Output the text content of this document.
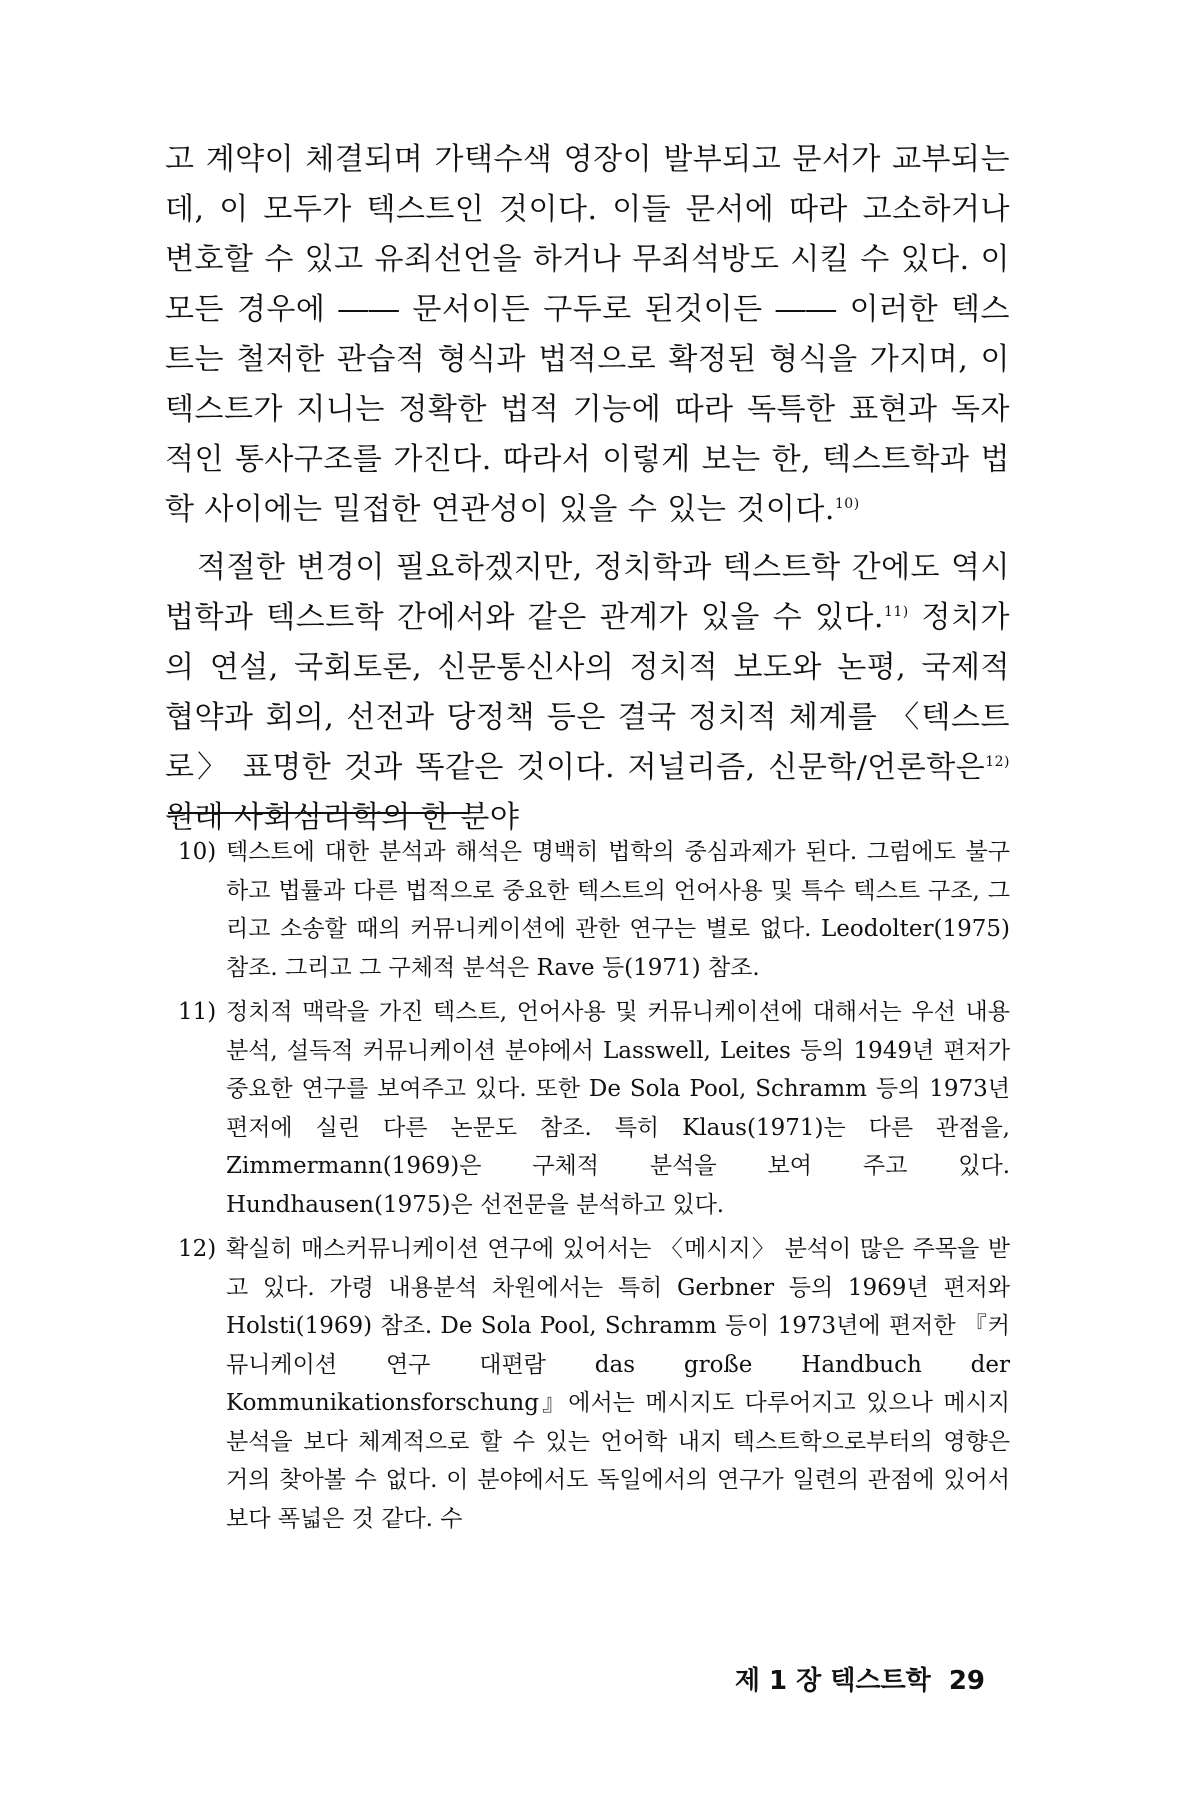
고 계약이 체결되며 가택수색 영장이 발부되고 문서가 교부되는데, 이 모두가 텍스트인 것이다. 이들 문서에 따라 고소하거나 변호할 수 있고 유죄선언을 하거나 무죄석방도 시킬 수 있다. 이 모든 경우에 ―― 문서이든 구두로 된것이든 ―― 이러한 텍스트는 철저한 관습적 형식과 법적으로 확정된 형식을 가지며, 이 텍스트가 지니는 정확한 법적 기능에 따라 독특한 표현과 독자적인 통사구조를 가진다. 따라서 이렇게 보는 한, 텍스트학과 법학 사이에는 밀접한 연관성이 있을 수 있는 것이다.$^{10)}$

적절한 변경이 필요하겠지만, 정치학과 텍스트학 간에도 역시 법학과 텍스트학 간에서와 같은 관계가 있을 수 있다.$^{11)}$ 정치가의 연설, 국회토론, 신문통신사의 정치적 보도와 논평, 국제적 협약과 회의, 선전과 당정책 등은 결국 정치적 체계를 〈텍스트로〉 표명한 것과 똑같은 것이다. 저널리즘, 신문학/언론학은$^{12)}$ 원래 사회심리학의 한 분야

10) 텍스트에 대한 분석과 해석은 명백히 법학의 중심과제가 된다. 그럼에도 불구하고 법률과 다른 법적으로 중요한 텍스트의 언어사용 및 특수 텍스트 구조, 그리고 소송할 때의 커뮤니케이션에 관한 연구는 별로 없다. Leodolter(1975) 참조. 그리고 그 구체적 분석은 Rave 등(1971) 참조.
11) 정치적 맥락을 가진 텍스트, 언어사용 및 커뮤니케이션에 대해서는 우선 내용분석, 설득적 커뮤니케이션 분야에서 Lasswell, Leites 등의 1949년 편저가 중요한 연구를 보여주고 있다. 또한 De Sola Pool, Schramm 등의 1973년 편저에 실린 다른 논문도 참조. 특히 Klaus(1971)는 다른 관점을, Zimmermann(1969)은 구체적 분석을 보여 주고 있다. Hundhausen(1975)은 선전문을 분석하고 있다.
12) 확실히 매스커뮤니케이션 연구에 있어서는 〈메시지〉 분석이 많은 주목을 받고 있다. 가령 내용분석 차원에서는 특히 Gerbner 등의 1969년 편저와 Holsti(1969) 참조. De Sola Pool, Schramm 등이 1973년에 편저한 『커뮤니케이션 연구 대편람 das große Handbuch der Kommunikationsforschung』에서는 메시지도 다루어지고 있으나 메시지 분석을 보다 체계적으로 할 수 있는 언어학 내지 텍스트학으로부터의 영향은 거의 찾아볼 수 없다. 이 분야에서도 독일에서의 연구가 일련의 관점에 있어서 보다 폭넓은 것 같다. 수
제 1 장 텍스트학 29
